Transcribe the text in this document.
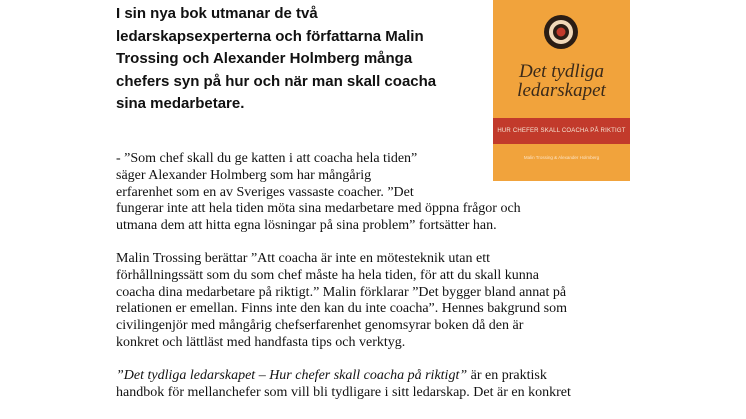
I sin nya bok utmanar de två
ledarskapsexperterna och författarna Malin
Trossing och Alexander Holmberg många
chefers syn på hur och när man skall coacha
sina medarbetare.

Det tydliga
ledarskapet
HUR CHEFER SKALL COACHA PÅ RIKTIGT
Malin Trossing & Alexander Holmberg

- ”Som chef skall du ge katten i att coacha hela tiden”
säger Alexander Holmberg som har mångårig
erfarenhet som en av Sveriges vassaste coacher. ”Det
fungerar inte att hela tiden möta sina medarbetare med öppna frågor och
utmana dem att hitta egna lösningar på sina problem” fortsätter han.

Malin Trossing berättar ”Att coacha är inte en mötesteknik utan ett
förhållningssätt som du som chef måste ha hela tiden, för att du skall kunna
coacha dina medarbetare på riktigt.” Malin förklarar ”Det bygger bland annat på
relationen er emellan. Finns inte den kan du inte coacha”. Hennes bakgrund som
civilingenjör med mångårig chefserfarenhet genomsyrar boken då den är
konkret och lättläst med handfasta tips och verktyg.

”Det tydliga ledarskapet – Hur chefer skall coacha på riktigt” är en praktisk
handbok för mellanchefer som vill bli tydligare i sitt ledarskap. Det är en konkret
